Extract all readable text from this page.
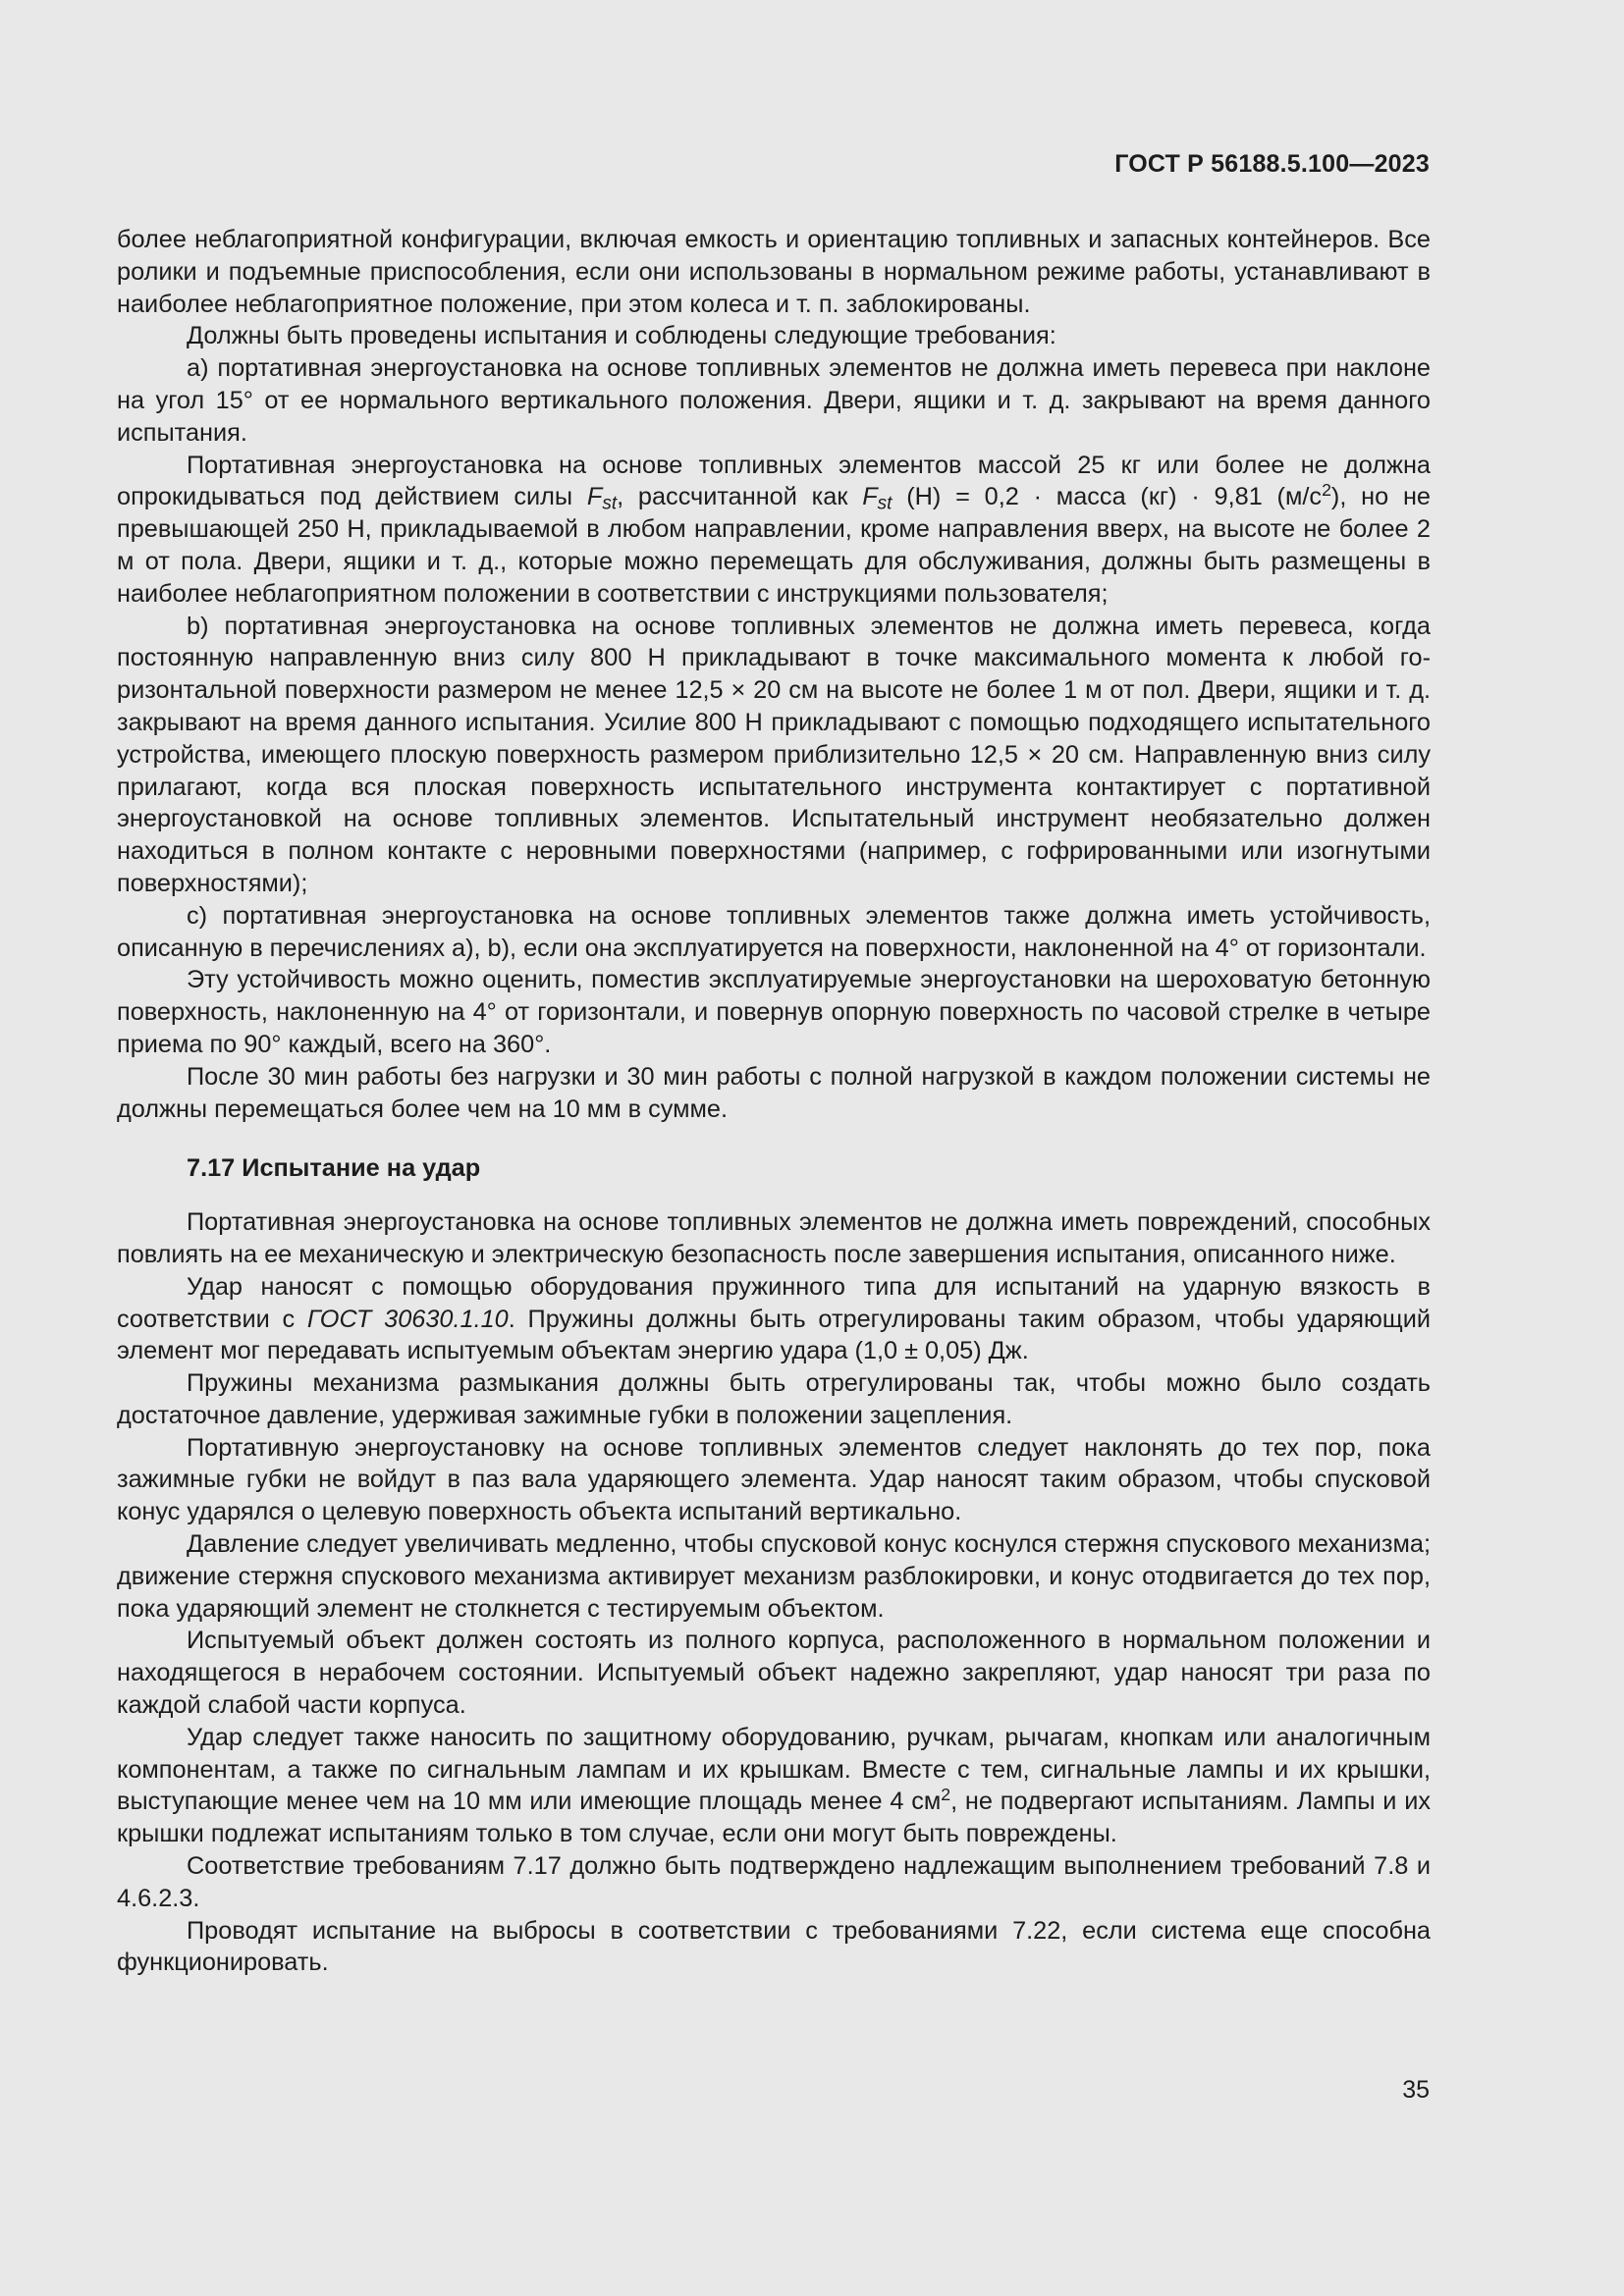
ГОСТ Р 56188.5.100—2023

более неблагоприятной конфигурации, включая емкость и ориентацию топливных и запасных контейнеров. Все ролики и подъемные приспособления, если они использованы в нормальном режиме работы, устанавливают в наиболее неблагоприятное положение, при этом колеса и т. п. заблокированы.

Должны быть проведены испытания и соблюдены следующие требования:

a) портативная энергоустановка на основе топливных элементов не должна иметь перевеса при наклоне на угол 15° от ее нормального вертикального положения. Двери, ящики и т. д. закрывают на время данного испытания.

Портативная энергоустановка на основе топливных элементов массой 25 кг или более не должна опрокидываться под действием силы $F_{st}$, рассчитанной как $F_{st}$ (Н) = 0,2 · масса (кг) · 9,81 $(м/с^2)$, но не превышающей 250 Н, прикладываемой в любом направлении, кроме направления вверх, на высоте не более 2 м от пола. Двери, ящики и т. д., которые можно перемещать для обслуживания, должны быть размещены в наиболее неблагоприятном положении в соответствии с инструкциями пользователя;

b) портативная энергоустановка на основе топливных элементов не должна иметь перевеса, когда постоянную направленную вниз силу 800 Н прикладывают в точке максимального момента к любой горизонтальной поверхности размером не менее 12,5 × 20 см на высоте не более 1 м от пол. Двери, ящики и т. д. закрывают на время данного испытания. Усилие 800 Н прикладывают с помощью подходящего испытательного устройства, имеющего плоскую поверхность размером приблизительно 12,5 × 20 см. Направленную вниз силу прилагают, когда вся плоская поверхность испытательного инструмента контактирует с портативной энергоустановкой на основе топливных элементов. Испытательный инструмент необязательно должен находиться в полном контакте с неровными поверхностями (например, с гофрированными или изогнутыми поверхностями);

c) портативная энергоустановка на основе топливных элементов также должна иметь устойчивость, описанную в перечислениях a), b), если она эксплуатируется на поверхности, наклоненной на 4° от горизонтали.

Эту устойчивость можно оценить, поместив эксплуатируемые энергоустановки на шероховатую бетонную поверхность, наклоненную на 4° от горизонтали, и повернув опорную поверхность по часовой стрелке в четыре приема по 90° каждый, всего на 360°.

После 30 мин работы без нагрузки и 30 мин работы с полной нагрузкой в каждом положении системы не должны перемещаться более чем на 10 мм в сумме.

7.17 Испытание на удар

Портативная энергоустановка на основе топливных элементов не должна иметь повреждений, способных повлиять на ее механическую и электрическую безопасность после завершения испытания, описанного ниже.

Удар наносят с помощью оборудования пружинного типа для испытаний на ударную вязкость в соответствии с ГОСТ 30630.1.10. Пружины должны быть отрегулированы таким образом, чтобы ударяющий элемент мог передавать испытуемым объектам энергию удара (1,0 ± 0,05) Дж.

Пружины механизма размыкания должны быть отрегулированы так, чтобы можно было создать достаточное давление, удерживая зажимные губки в положении зацепления.

Портативную энергоустановку на основе топливных элементов следует наклонять до тех пор, пока зажимные губки не войдут в паз вала ударяющего элемента. Удар наносят таким образом, чтобы спусковой конус ударялся о целевую поверхность объекта испытаний вертикально.

Давление следует увеличивать медленно, чтобы спусковой конус коснулся стержня спускового механизма; движение стержня спускового механизма активирует механизм разблокировки, и конус отодвигается до тех пор, пока ударяющий элемент не столкнется с тестируемым объектом.

Испытуемый объект должен состоять из полного корпуса, расположенного в нормальном положении и находящегося в нерабочем состоянии. Испытуемый объект надежно закрепляют, удар наносят три раза по каждой слабой части корпуса.

Удар следует также наносить по защитному оборудованию, ручкам, рычагам, кнопкам или аналогичным компонентам, а также по сигнальным лампам и их крышкам. Вместе с тем, сигнальные лампы и их крышки, выступающие менее чем на 10 мм или имеющие площадь менее 4 $см^2$, не подвергают испытаниям. Лампы и их крышки подлежат испытаниям только в том случае, если они могут быть повреждены.

Соответствие требованиям 7.17 должно быть подтверждено надлежащим выполнением требований 7.8 и 4.6.2.3.

Проводят испытание на выбросы в соответствии с требованиями 7.22, если система еще способна функционировать.

35
